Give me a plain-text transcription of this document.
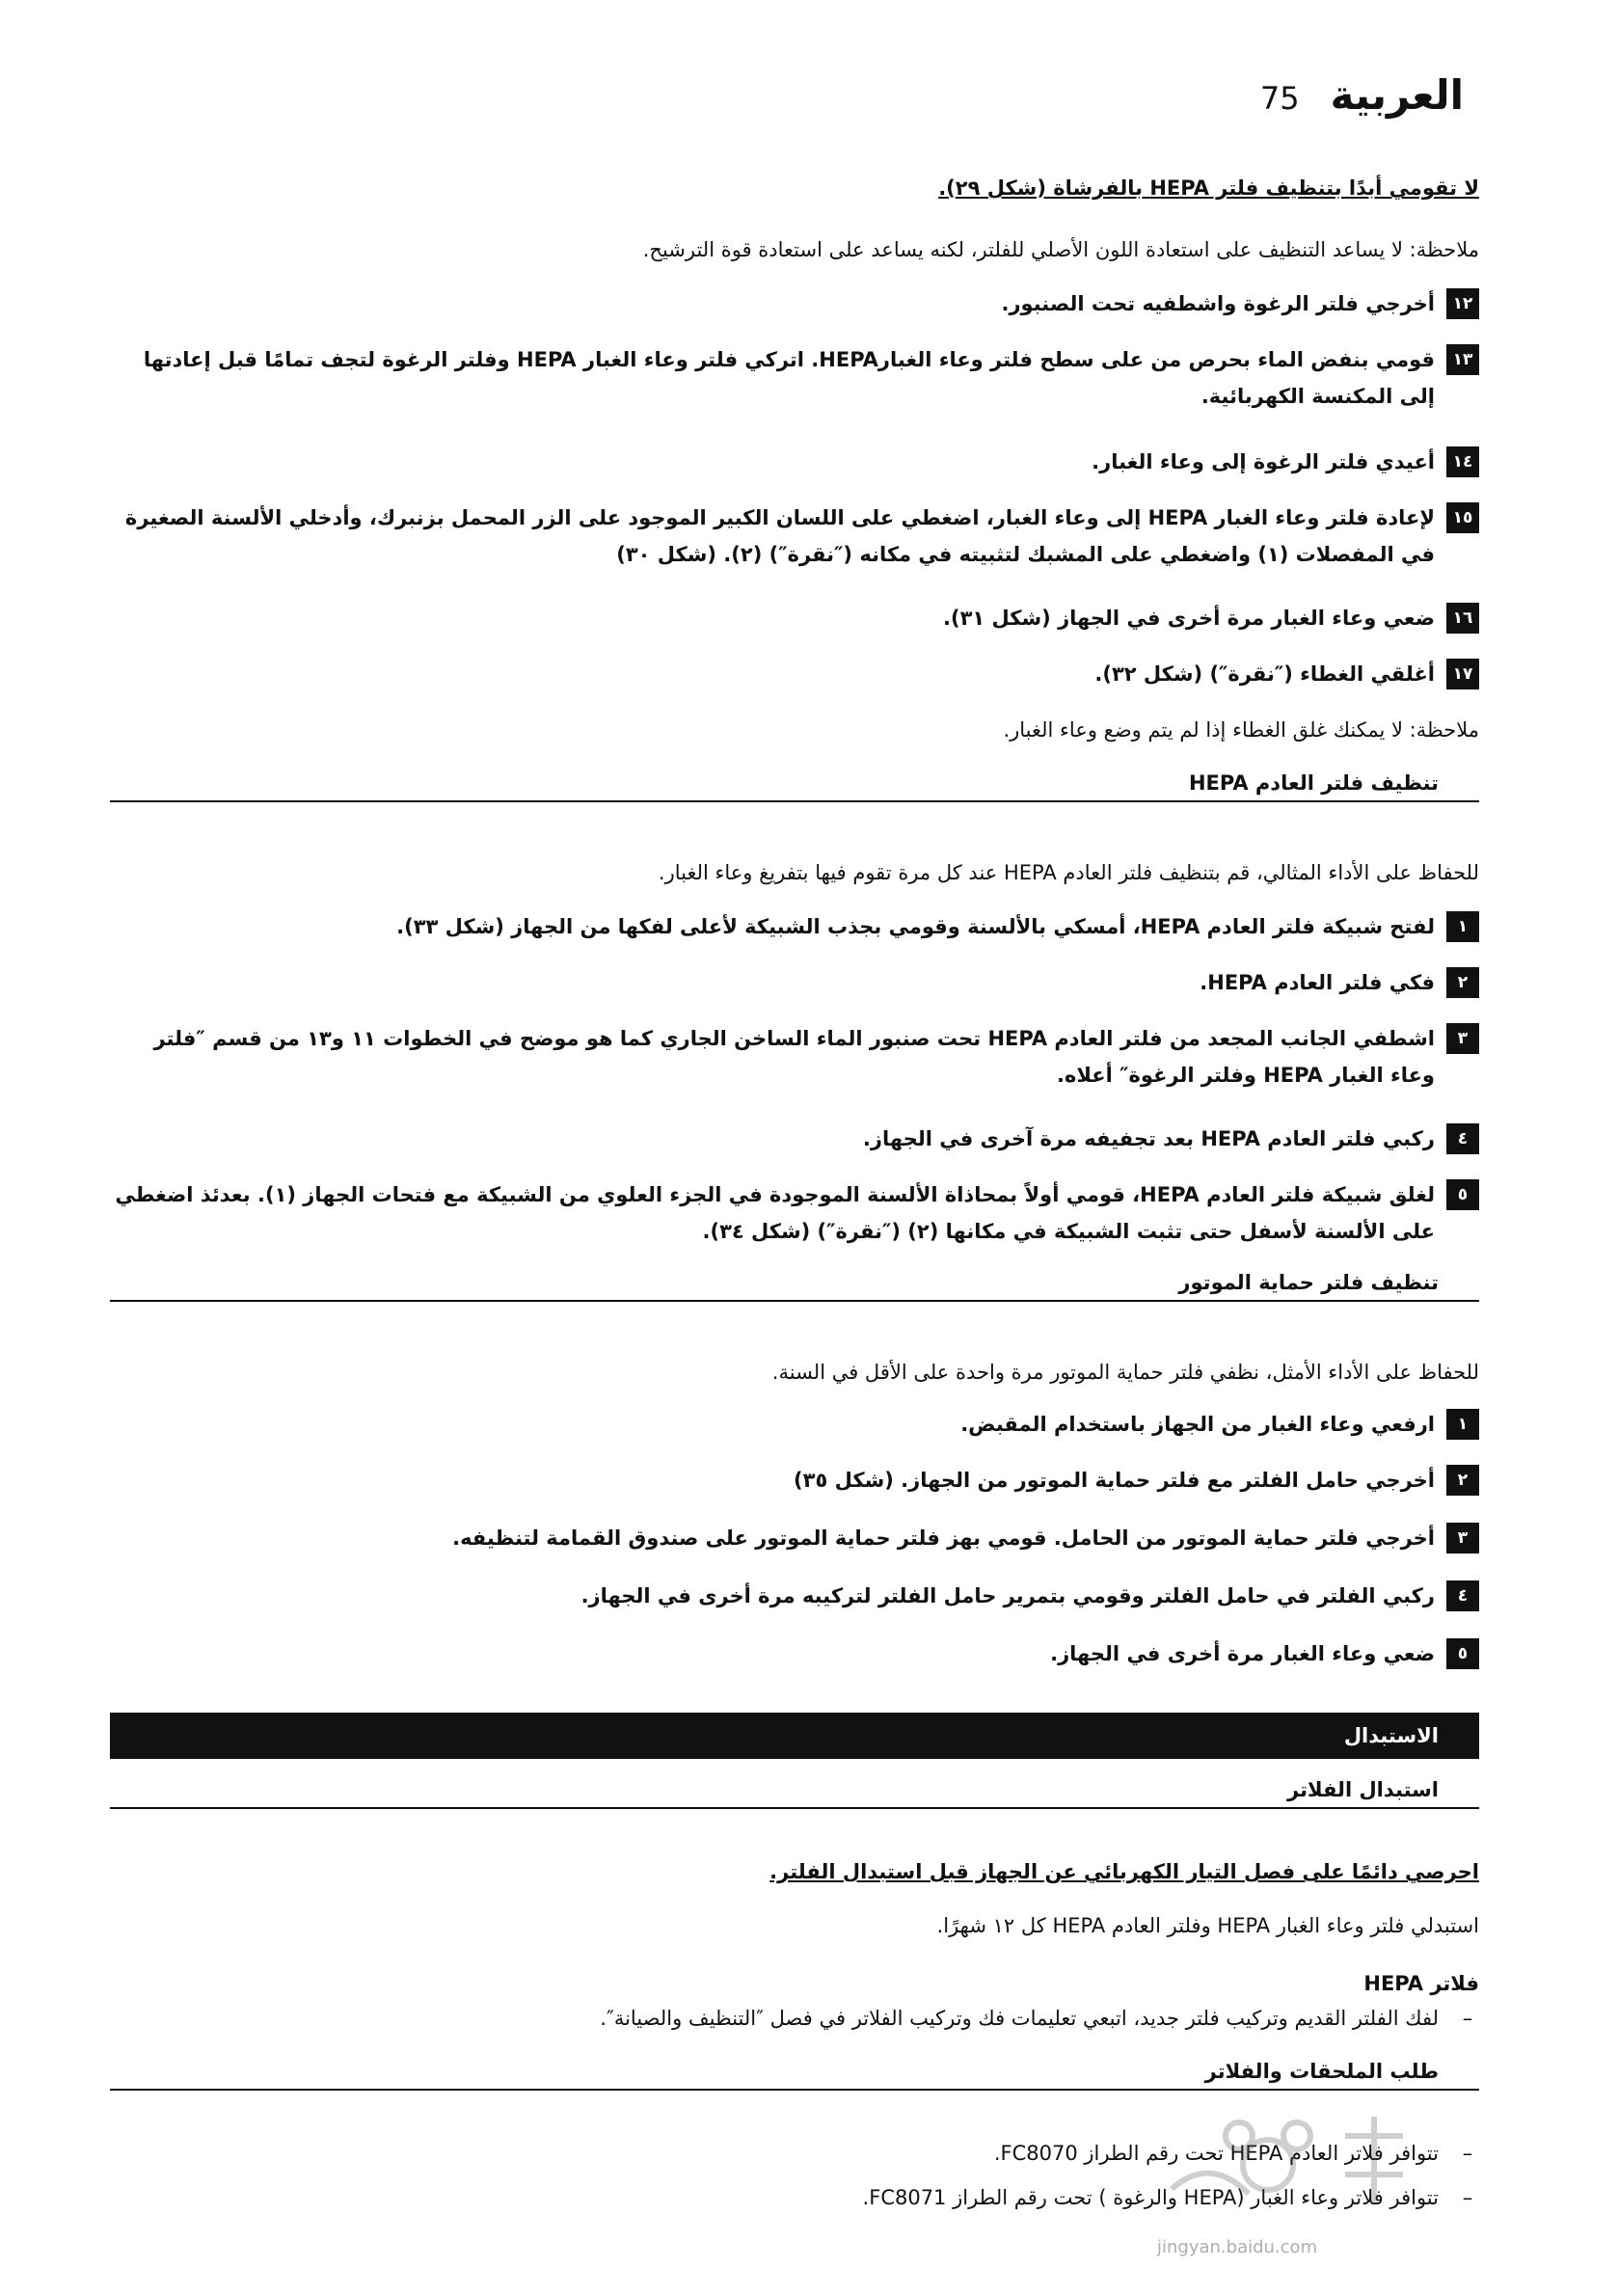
العربية
75
لا تقومي أبدًا بتنظيف فلتر HEPA بالفرشاة (شكل ٢٩).
ملاحظة: لا يساعد التنظيف على استعادة اللون الأصلي للفلتر، لكنه يساعد على استعادة قوة الترشيح.
١٢
أخرجي فلتر الرغوة واشطفيه تحت الصنبور.
١٣
قومي بنفض الماء بحرص من على سطح فلتر وعاء الغبارHEPA. اتركي فلتر وعاء الغبار HEPA وفلتر الرغوة لتجف تمامًا قبل إعادتها إلى المكنسة الكهربائية.
١٤
أعيدي فلتر الرغوة إلى وعاء الغبار.
١٥
لإعادة فلتر وعاء الغبار HEPA إلى وعاء الغبار، اضغطي على اللسان الكبير الموجود على الزر المحمل بزنبرك، وأدخلي الألسنة الصغيرة في المفصلات (١) واضغطي على المشبك لتثبيته في مكانه (″نقرة″) (٢). (شكل ٣٠)
١٦
ضعي وعاء الغبار مرة أخرى في الجهاز (شكل ٣١).
١٧
أغلقي الغطاء (″نقرة″) (شكل ٣٢).
ملاحظة: لا يمكنك غلق الغطاء إذا لم يتم وضع وعاء الغبار.
تنظيف فلتر العادم HEPA
للحفاظ على الأداء المثالي، قم بتنظيف فلتر العادم HEPA عند كل مرة تقوم فيها بتفريغ وعاء الغبار.
١
لفتح شبيكة فلتر العادم HEPA، أمسكي بالألسنة وقومي بجذب الشبيكة لأعلى لفكها من الجهاز (شكل ٣٣).
٢
فكي فلتر العادم HEPA.
٣
اشطفي الجانب المجعد من فلتر العادم HEPA تحت صنبور الماء الساخن الجاري كما هو موضح في الخطوات ١١ و١٣ من قسم ″فلتر وعاء الغبار HEPA وفلتر الرغوة″ أعلاه.
٤
ركبي فلتر العادم HEPA بعد تجفيفه مرة آخرى في الجهاز.
٥
لغلق شبيكة فلتر العادم HEPA، قومي أولاً بمحاذاة الألسنة الموجودة في الجزء العلوي من الشبيكة مع فتحات الجهاز (١). بعدئذ اضغطي على الألسنة لأسفل حتى تثبت الشبيكة في مكانها (٢) (″نقرة″) (شكل ٣٤).
تنظيف فلتر حماية الموتور
للحفاظ على الأداء الأمثل، نظفي فلتر حماية الموتور مرة واحدة على الأقل في السنة.
١
ارفعي وعاء الغبار من الجهاز باستخدام المقبض.
٢
أخرجي حامل الفلتر مع فلتر حماية الموتور من الجهاز. (شكل ٣٥)
٣
أخرجي فلتر حماية الموتور من الحامل. قومي بهز فلتر حماية الموتور على صندوق القمامة لتنظيفه.
٤
ركبي الفلتر في حامل الفلتر وقومي بتمرير حامل الفلتر لتركيبه مرة أخرى في الجهاز.
٥
ضعي وعاء الغبار مرة أخرى في الجهاز.
الاستبدال
استبدال الفلاتر
احرصي دائمًا على فصل التيار الكهربائي عن الجهاز قبل استبدال الفلتر.
استبدلي فلتر وعاء الغبار HEPA وفلتر العادم HEPA كل ١٢ شهرًا.
فلاتر HEPA
–
لفك الفلتر القديم وتركيب فلتر جديد، اتبعي تعليمات فك وتركيب الفلاتر في فصل ″التنظيف والصيانة″.
طلب الملحقات والفلاتر
–
تتوافر فلاتر العادم HEPA تحت رقم الطراز FC8070.
–
تتوافر فلاتر وعاء الغبار (HEPA والرغوة ) تحت رقم الطراز FC8071.
jingyan.baidu.com
